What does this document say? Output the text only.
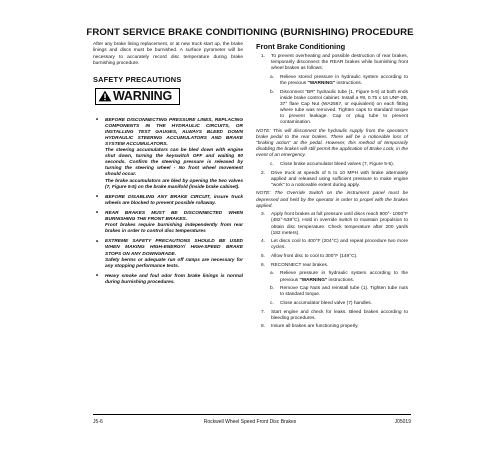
FRONT SERVICE BRAKE CONDITIONING (BURNISHING) PROCEDURE

After any brake lining replacement, or at new truck start up, the brake linings and discs must be burnished. A surface pyrometer will be necessary to accurately record disc temperature during brake burnishing procedure.

SAFETY PRECAUTIONS
WARNING
• BEFORE DISCONNECTING PRESSURE LINES, REPLACING COMPONENTS IN THE HYDRAULIC CIRCUITS, OR INSTALLING TEST GAUGES, ALWAYS BLEED DOWN HYDRAULIC STEERING ACCUMULATORS AND BRAKE SYSTEM ACCUMULATORS.

The steering accumulators can be bled down with engine shut down, turning the keyswitch OFF and waiting 90 seconds. Confirm the steering pressure is released by turning the steering wheel - No front wheel movement should occur.

The brake accumulators are bled by opening the two valves (7, Figure 5-5) on the brake manifold (inside brake cabinet).

• BEFORE DISABLING ANY BRAKE CIRCUIT, insure truck wheels are blocked to prevent possible rollaway.

• REAR BRAKES MUST BE DISCONNECTED WHEN BURNISHING THE FRONT BRAKES.

Front brakes require burnishing independently from rear brakes in order to control disc temperatures

• EXTREME SAFETY PRECAUTIONS SHOULD BE USED WHEN MAKING HIGH-ENERGY/ HIGH-SPEED BRAKE STOPS ON ANY DOWNGRADE.

Safety berms or adequate run off ramps are necessary for any stopping performance tests.

• Heavy smoke and foul odor from brake linings is normal during burnishing procedures.

Front Brake Conditioning
1. To prevent overheating and possible destruction of rear brakes, temporarily disconnect the REAR brakes while burnishing front wheel brakes as follows:
a. Relieve stored pressure in hydraulic system according to the previous "WARNING" instructions.
b. Disconnect "BR" hydraulic tube (1, Figure 5-5) at both ends inside brake control cabinet. Install a #8, 0.75 x 16 UNF-2B, 37° flare Cap Nut (WA2567, or equivalent) on each fitting where tube was removed. Tighten caps to standard torque to prevent leakage. Cap or plug tube to prevent contamination.

NOTE: This will disconnect the hydraulic supply from the operator's brake pedal to the rear brakes. There will be a noticeable loss of "braking action" at the pedal. However, this method of temporarily disabling the brakes will still permit the application of Brake Lock, in the event of an emergency.

c. Close brake accumulator bleed valves (7, Figure 5-5).
2. Drive truck at speeds of 5 to 10 MPH with brake alternately applied and released using sufficient pressure to make engine "work" to a noticeable extent during apply.

NOTE: The Override Switch on the instrument panel must be depressed and held by the operator in order to propel with the brakes applied.

3. Apply front brakes at full pressure until discs reach 900°- 1000°F (482°-538°C). Hold in override switch to maintain propulsion to obtain disc temperature. Check temperature after 200 yards (182 meters).
4. Let discs cool to 400°F (204°C) and repeat procedure two more cycles.
5. Allow front disc to cool to 300°F (149°C).
6. RECONNECT rear brakes.
a. Relieve pressure in hydraulic system according to the previous "WARNING" instructions.
b. Remove Cap Nuts and reinstall tube (1). Tighten tube nuts to standard torque.
c. Close accumulator bleed valve (7) handles.
7. Start engine and check for leaks. Bleed brakes according to bleeding procedures.
8. Insure all brakes are functioning properly.
J5-6	Rockwell Wheel Speed Front Disc Brakes	J05019
